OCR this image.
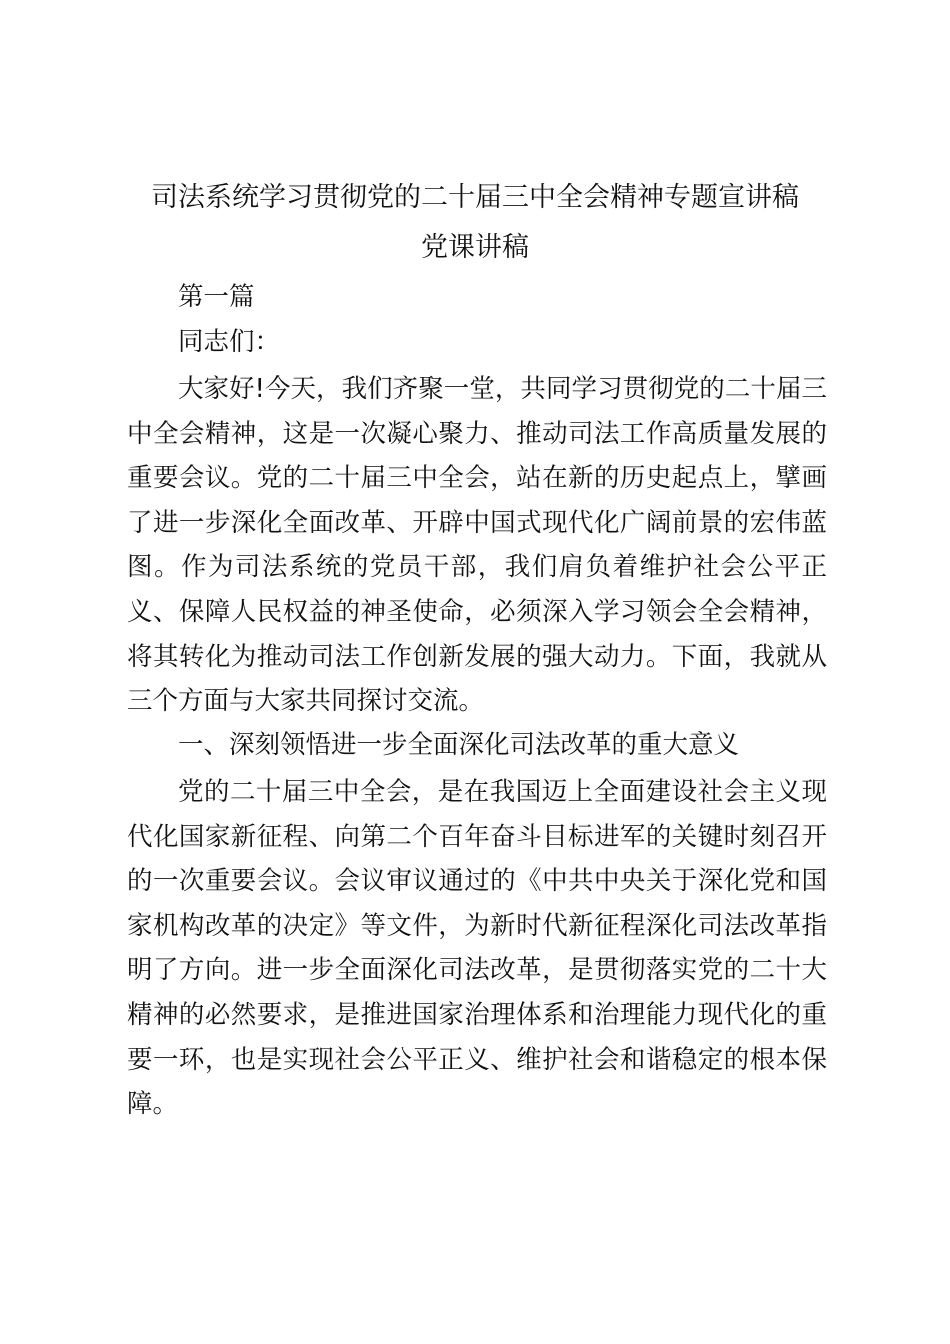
司法系统学习贯彻党的二十届三中全会精神专题宣讲稿
党课讲稿
第一篇
同志们：

大家好!今天，我们齐聚一堂，共同学习贯彻党的二十届三中全会精神，这是一次凝心聚力、推动司法工作高质量发展的重要会议。党的二十届三中全会，站在新的历史起点上，擘画了进一步深化全面改革、开辟中国式现代化广阔前景的宏伟蓝图。作为司法系统的党员干部，我们肩负着维护社会公平正义、保障人民权益的神圣使命，必须深入学习领会全会精神，将其转化为推动司法工作创新发展的强大动力。下面，我就从三个方面与大家共同探讨交流。

一、深刻领悟进一步全面深化司法改革的重大意义

党的二十届三中全会，是在我国迈上全面建设社会主义现代化国家新征程、向第二个百年奋斗目标进军的关键时刻召开的一次重要会议。会议审议通过的《中共中央关于深化党和国家机构改革的决定》等文件，为新时代新征程深化司法改革指明了方向。进一步全面深化司法改革，是贯彻落实党的二十大精神的必然要求，是推进国家治理体系和治理能力现代化的重要一环，也是实现社会公平正义、维护社会和谐稳定的根本保障。
